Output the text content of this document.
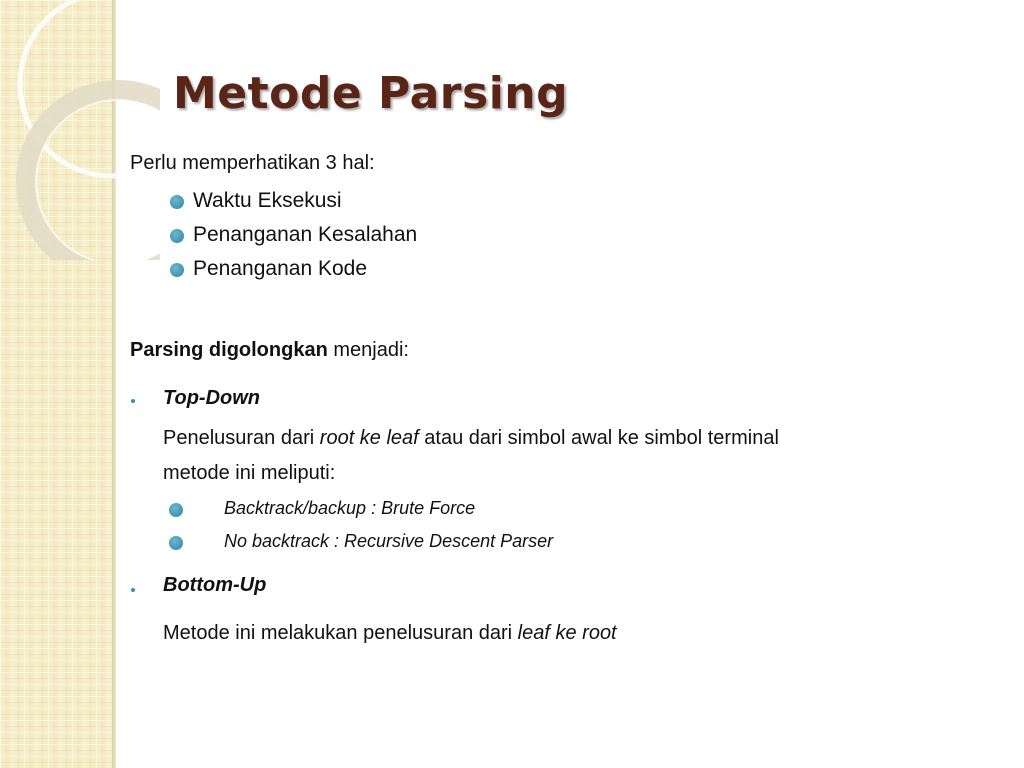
Metode Parsing
Perlu memperhatikan 3 hal:
Waktu Eksekusi
Penanganan Kesalahan
Penanganan Kode
Parsing digolongkan menjadi:
Top-Down
Penelusuran dari root ke leaf atau dari simbol awal ke simbol terminal
metode ini meliputi:
Backtrack/backup : Brute Force
No backtrack : Recursive Descent Parser
Bottom-Up
Metode ini melakukan penelusuran dari leaf ke root
